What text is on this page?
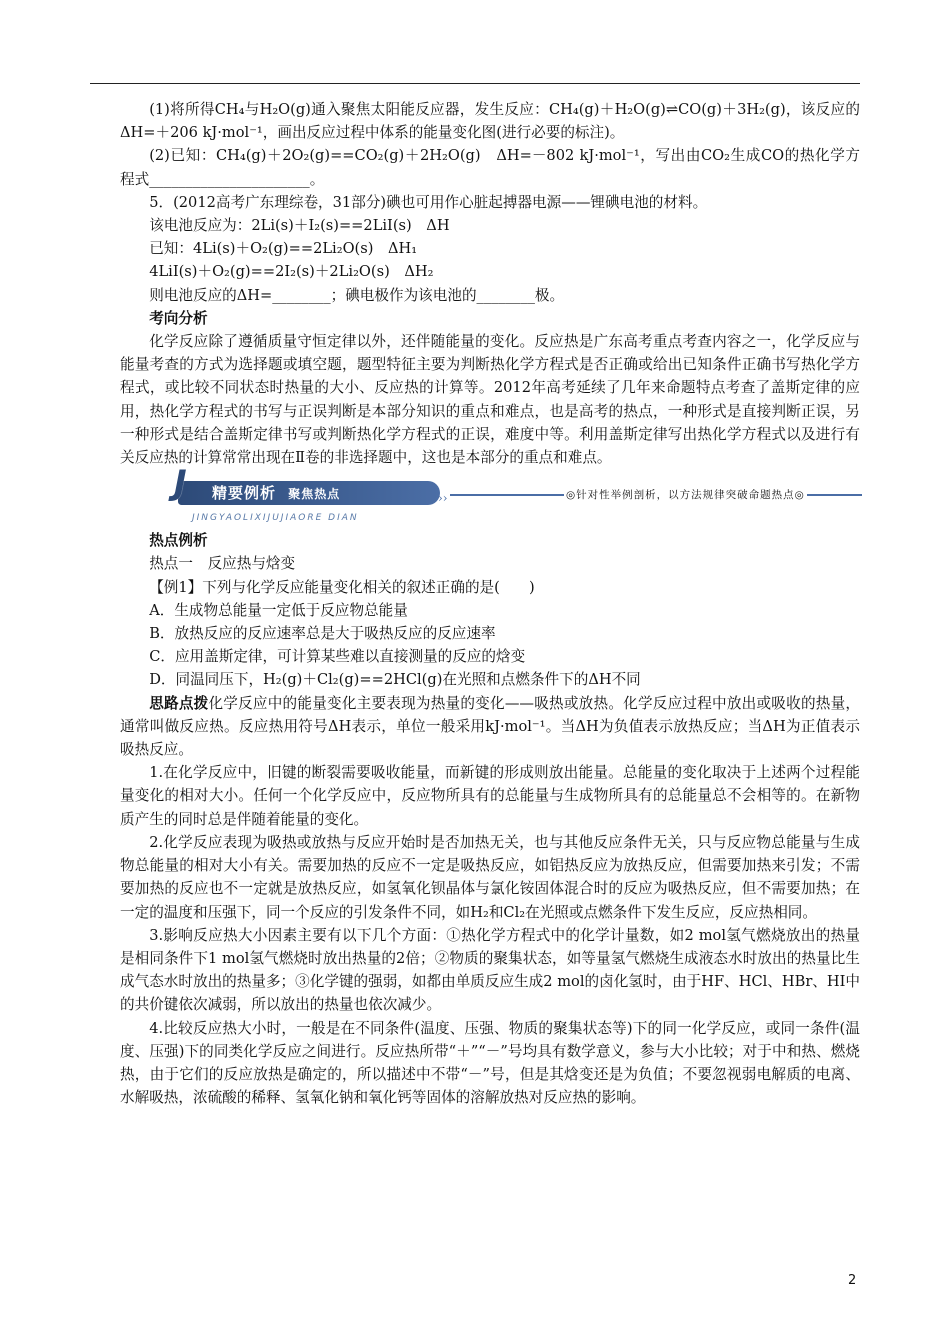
(1)将所得CH₄与H₂O(g)通入聚焦太阳能反应器，发生反应：CH₄(g)＋H₂O(g)⇌CO(g)＋3H₂(g)，该反应的ΔH=＋206 kJ·mol⁻¹，画出反应过程中体系的能量变化图(进行必要的标注)。

(2)已知：CH₄(g)＋2O₂(g)==CO₂(g)＋2H₂O(g)　ΔH=－802 kJ·mol⁻¹，写出由CO₂生成CO的热化学方程式______________________。

5．(2012高考广东理综卷，31部分)碘也可用作心脏起搏器电源——锂碘电池的材料。

该电池反应为：2Li(s)＋I₂(s)==2LiI(s)　ΔH

已知：4Li(s)＋O₂(g)==2Li₂O(s)　ΔH₁

4LiI(s)＋O₂(g)==2I₂(s)＋2Li₂O(s)　ΔH₂

则电池反应的ΔH=________；碘电极作为该电池的________极。

考向分析

化学反应除了遵循质量守恒定律以外，还伴随能量的变化。反应热是广东高考重点考查内容之一，化学反应与能量考查的方式为选择题或填空题，题型特征主要为判断热化学方程式是否正确或给出已知条件正确书写热化学方程式，或比较不同状态时热量的大小、反应热的计算等。2012年高考延续了几年来命题特点考查了盖斯定律的应用，热化学方程式的书写与正误判断是本部分知识的重点和难点，也是高考的热点，一种形式是直接判断正误，另一种形式是结合盖斯定律书写或判断热化学方程式的正误，难度中等。利用盖斯定律写出热化学方程式以及进行有关反应热的计算常常出现在Ⅱ卷的非选择题中，这也是本部分的重点和难点。

J 精要例析 聚焦热点	››	◎针对性举例剖析，以方法规律突破命题热点◎
JINGYAOLIXIJUJIAORE DIAN

热点例析

热点一　反应热与焓变

【例1】下列与化学反应能量变化相关的叙述正确的是(　　)

A．生成物总能量一定低于反应物总能量

B．放热反应的反应速率总是大于吸热反应的反应速率

C．应用盖斯定律，可计算某些难以直接测量的反应的焓变

D．同温同压下，H₂(g)＋Cl₂(g)==2HCl(g)在光照和点燃条件下的ΔH不同

思路点拨化学反应中的能量变化主要表现为热量的变化——吸热或放热。化学反应过程中放出或吸收的热量，通常叫做反应热。反应热用符号ΔH表示，单位一般采用kJ·mol⁻¹。当ΔH为负值表示放热反应；当ΔH为正值表示吸热反应。

1.在化学反应中，旧键的断裂需要吸收能量，而新键的形成则放出能量。总能量的变化取决于上述两个过程能量变化的相对大小。任何一个化学反应中，反应物所具有的总能量与生成物所具有的总能量总不会相等的。在新物质产生的同时总是伴随着能量的变化。

2.化学反应表现为吸热或放热与反应开始时是否加热无关，也与其他反应条件无关，只与反应物总能量与生成物总能量的相对大小有关。需要加热的反应不一定是吸热反应，如铝热反应为放热反应，但需要加热来引发；不需要加热的反应也不一定就是放热反应，如氢氧化钡晶体与氯化铵固体混合时的反应为吸热反应，但不需要加热；在一定的温度和压强下，同一个反应的引发条件不同，如H₂和Cl₂在光照或点燃条件下发生反应，反应热相同。

3.影响反应热大小因素主要有以下几个方面：①热化学方程式中的化学计量数，如2 mol氢气燃烧放出的热量是相同条件下1 mol氢气燃烧时放出热量的2倍；②物质的聚集状态，如等量氢气燃烧生成液态水时放出的热量比生成气态水时放出的热量多；③化学键的强弱，如都由单质反应生成2 mol的卤化氢时，由于HF、HCl、HBr、HI中的共价键依次减弱，所以放出的热量也依次减少。

4.比较反应热大小时，一般是在不同条件(温度、压强、物质的聚集状态等)下的同一化学反应，或同一条件(温度、压强)下的同类化学反应之间进行。反应热所带“＋”“－”号均具有数学意义，参与大小比较；对于中和热、燃烧热，由于它们的反应放热是确定的，所以描述中不带“－”号，但是其焓变还是为负值；不要忽视弱电解质的电离、水解吸热，浓硫酸的稀释、氢氧化钠和氧化钙等固体的溶解放热对反应热的影响。

2
